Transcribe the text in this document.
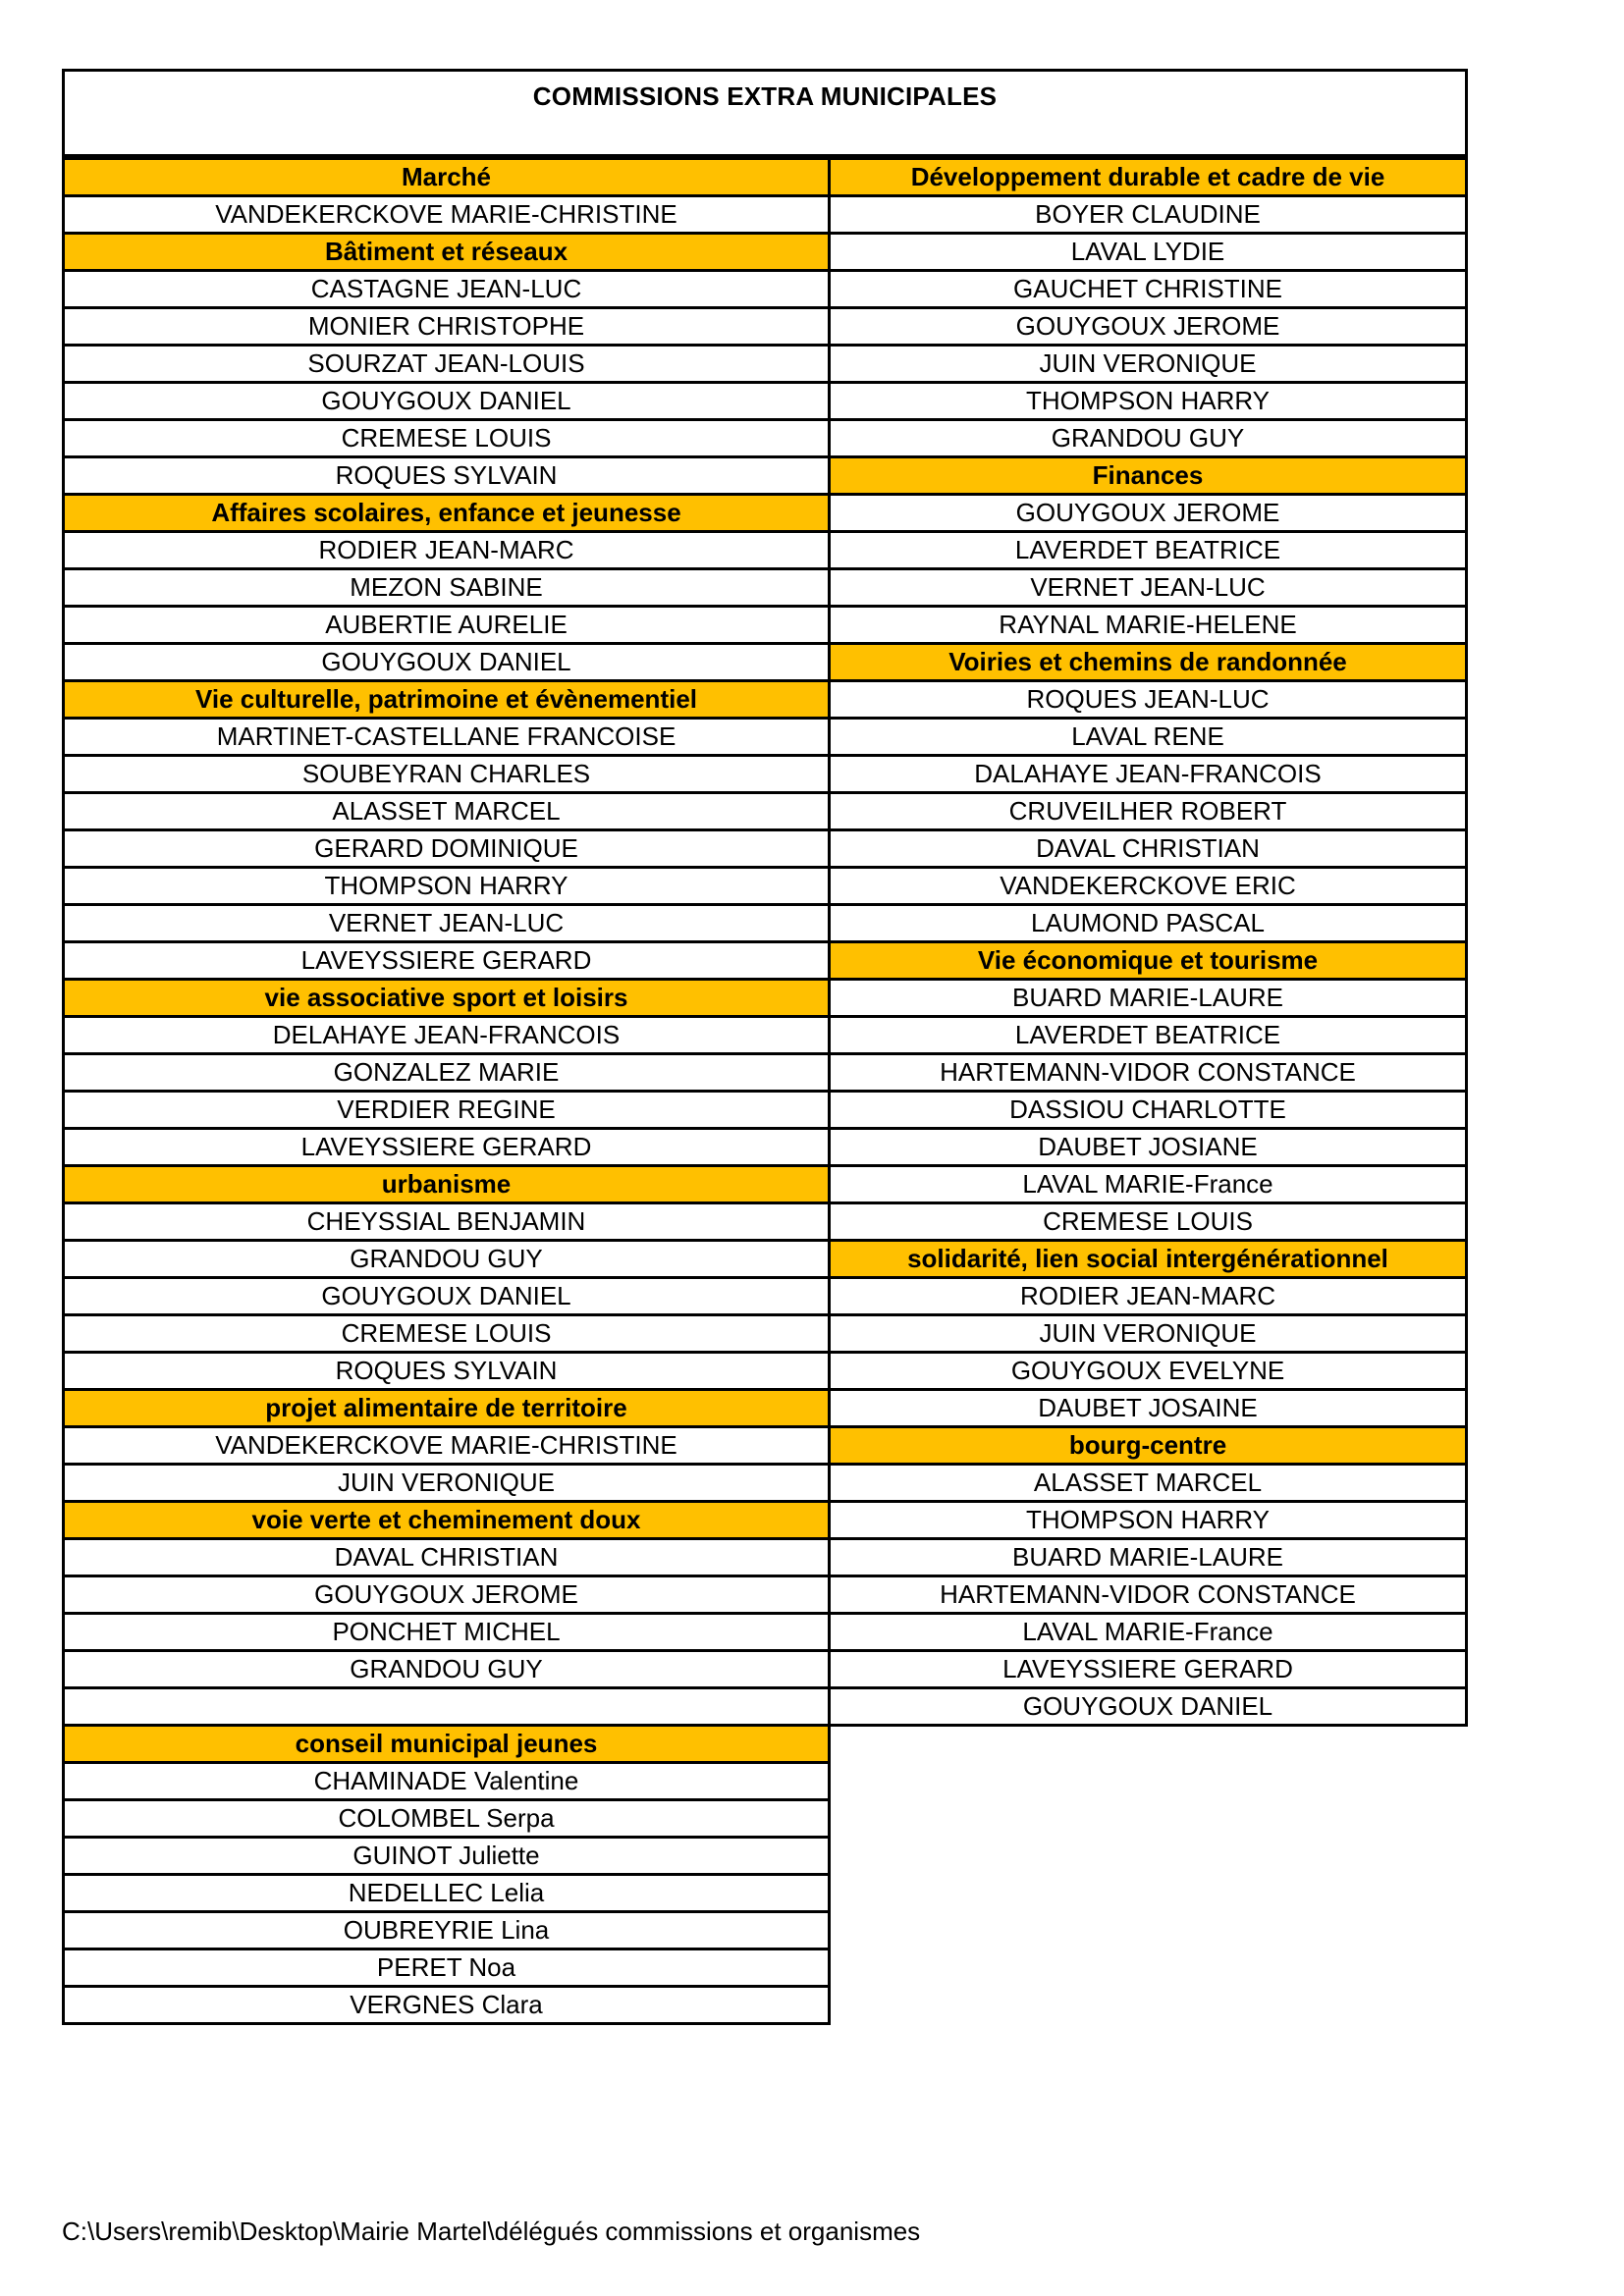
COMMISSIONS EXTRA MUNICIPALES
Marché
VANDEKERCKOVE MARIE-CHRISTINE
Bâtiment et réseaux
CASTAGNE JEAN-LUC
MONIER CHRISTOPHE
SOURZAT JEAN-LOUIS
GOUYGOUX DANIEL
CREMESE LOUIS
ROQUES SYLVAIN
Affaires scolaires, enfance et jeunesse
RODIER JEAN-MARC
MEZON SABINE
AUBERTIE AURELIE
GOUYGOUX DANIEL
Vie culturelle, patrimoine et évènementiel
MARTINET-CASTELLANE FRANCOISE
SOUBEYRAN CHARLES
ALASSET MARCEL
GERARD DOMINIQUE
THOMPSON HARRY
VERNET JEAN-LUC
LAVEYSSIERE GERARD
vie associative sport et loisirs
DELAHAYE JEAN-FRANCOIS
GONZALEZ MARIE
VERDIER REGINE
LAVEYSSIERE GERARD
urbanisme
CHEYSSIAL BENJAMIN
GRANDOU GUY
GOUYGOUX DANIEL
CREMESE LOUIS
ROQUES SYLVAIN
projet alimentaire de territoire
VANDEKERCKOVE MARIE-CHRISTINE
JUIN VERONIQUE
voie verte et cheminement doux
DAVAL CHRISTIAN
GOUYGOUX JEROME
PONCHET MICHEL
GRANDOU GUY
conseil municipal jeunes
CHAMINADE Valentine
COLOMBEL Serpa
GUINOT Juliette
NEDELLEC Lelia
OUBREYRIE Lina
PERET Noa
VERGNES Clara
Développement durable et cadre de vie
BOYER CLAUDINE
LAVAL LYDIE
GAUCHET CHRISTINE
GOUYGOUX JEROME
JUIN VERONIQUE
THOMPSON HARRY
GRANDOU GUY
Finances
GOUYGOUX JEROME
LAVERDET BEATRICE
VERNET JEAN-LUC
RAYNAL MARIE-HELENE
Voiries et chemins de randonnée
ROQUES JEAN-LUC
LAVAL RENE
DALAHAYE JEAN-FRANCOIS
CRUVEILHER ROBERT
DAVAL CHRISTIAN
VANDEKERCKOVE ERIC
LAUMOND PASCAL
Vie économique et tourisme
BUARD MARIE-LAURE
LAVERDET BEATRICE
HARTEMANN-VIDOR CONSTANCE
DASSIOU CHARLOTTE
DAUBET JOSIANE
LAVAL MARIE-France
CREMESE LOUIS
solidarité, lien social intergénérationnel
RODIER JEAN-MARC
JUIN VERONIQUE
GOUYGOUX EVELYNE
DAUBET JOSAINE
bourg-centre
ALASSET MARCEL
THOMPSON HARRY
BUARD MARIE-LAURE
HARTEMANN-VIDOR CONSTANCE
LAVAL MARIE-France
LAVEYSSIERE GERARD
GOUYGOUX DANIEL
C:\Users\remib\Desktop\Mairie Martel\délégués commissions et organismes
